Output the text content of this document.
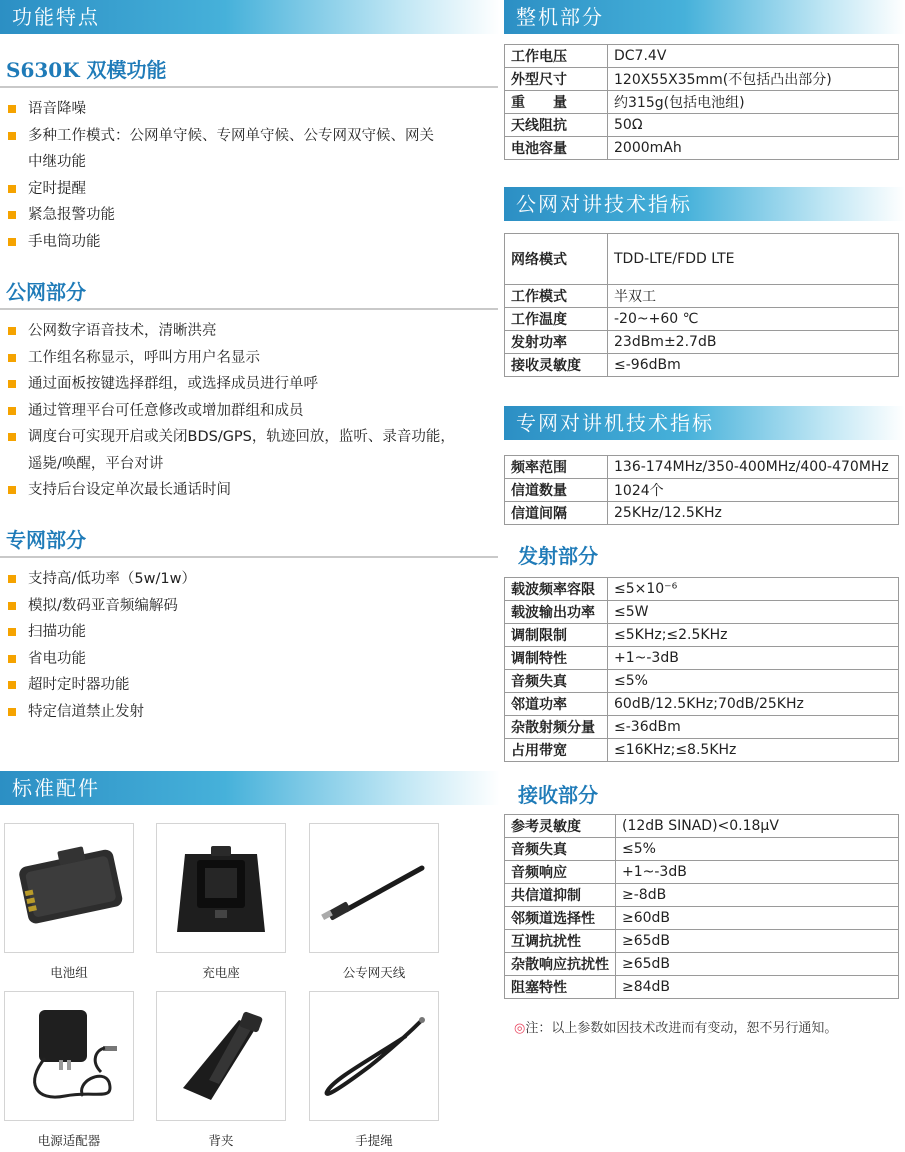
功能特点
S630K 双模功能
语音降噪
多种工作模式：公网单守候、专网单守候、公专网双守候、网关
中继功能
定时提醒
紧急报警功能
手电筒功能
公网部分
公网数字语音技术，清晰洪亮
工作组名称显示，呼叫方用户名显示
通过面板按键选择群组，或选择成员进行单呼
通过管理平台可任意修改或增加群组和成员
调度台可实现开启或关闭BDS/GPS，轨迹回放，监听、录音功能，
遥毙/唤醒，平台对讲
支持后台设定单次最长通话时间
专网部分
支持高/低功率（5w/1w）
模拟/数码亚音频编解码
扫描功能
省电功能
超时定时器功能
特定信道禁止发射
标准配件
电池组	充电座	公专网天线
电源适配器	背夹	手提绳
整机部分
工作电压	DC7.4V
外型尺寸	120X55X35mm(不包括凸出部分)
重　　量	约315g(包括电池组)
天线阻抗	50Ω
电池容量	2000mAh
公网对讲技术指标
网络模式	TDD-LTE/FDD LTE
工作模式	半双工
工作温度	-20~+60 ℃
发射功率	23dBm±2.7dB
接收灵敏度	≤-96dBm
专网对讲机技术指标
频率范围	136-174MHz/350-400MHz/400-470MHz
信道数量	1024个
信道间隔	25KHz/12.5KHz
发射部分
载波频率容限	≤5×10⁻⁶
载波输出功率	≤5W
调制限制	≤5KHz;≤2.5KHz
调制特性	+1~-3dB
音频失真	≤5%
邻道功率	60dB/12.5KHz;70dB/25KHz
杂散射频分量	≤-36dBm
占用带宽	≤16KHz;≤8.5KHz
接收部分
参考灵敏度	(12dB SINAD)<0.18μV
音频失真	≤5%
音频响应	+1~-3dB
共信道抑制	≥-8dB
邻频道选择性	≥60dB
互调抗扰性	≥65dB
杂散响应抗扰性	≥65dB
阻塞特性	≥84dB
◎注：以上参数如因技术改进而有变动，恕不另行通知。
